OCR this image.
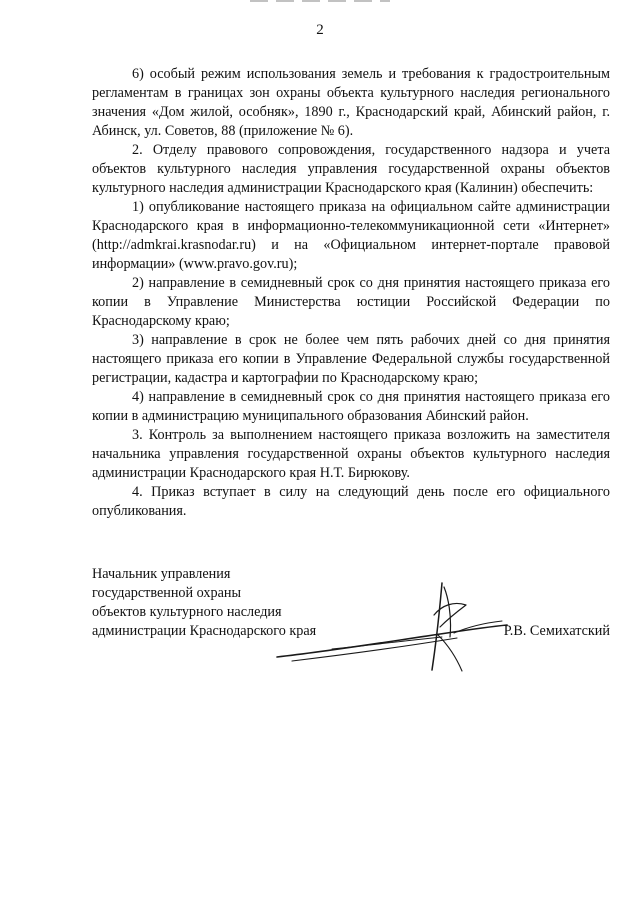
2

6) особый режим использования земель и требования к градостроительным регламентам в границах зон охраны объекта культурного наследия регионального значения «Дом жилой, особняк», 1890 г., Краснодарский край, Абинский район, г. Абинск, ул. Советов, 88 (приложение № 6).

2. Отделу правового сопровождения, государственного надзора и учета объектов культурного наследия управления государственной охраны объектов культурного наследия администрации Краснодарского края (Калинин) обеспечить:

1) опубликование настоящего приказа на официальном сайте администрации Краснодарского края в информационно-телекоммуникационной сети «Интернет» (http://admkrai.krasnodar.ru) и на «Официальном интернет-портале правовой информации» (www.pravo.gov.ru);

2) направление в семидневный срок со дня принятия настоящего приказа его копии в Управление Министерства юстиции Российской Федерации по Краснодарскому краю;

3) направление в срок не более чем пять рабочих дней со дня принятия настоящего приказа его копии в Управление Федеральной службы государственной регистрации, кадастра и картографии по Краснодарскому краю;

4) направление в семидневный срок со дня принятия настоящего приказа его копии в администрацию муниципального образования Абинский район.

3. Контроль за выполнением настоящего приказа возложить на заместителя начальника управления государственной охраны объектов культурного наследия администрации Краснодарского края Н.Т. Бирюкову.

4. Приказ вступает в силу на следующий день после его официального опубликования.

Начальник управления
государственной охраны
объектов культурного наследия
администрации Краснодарского края	Р.В. Семихатский
